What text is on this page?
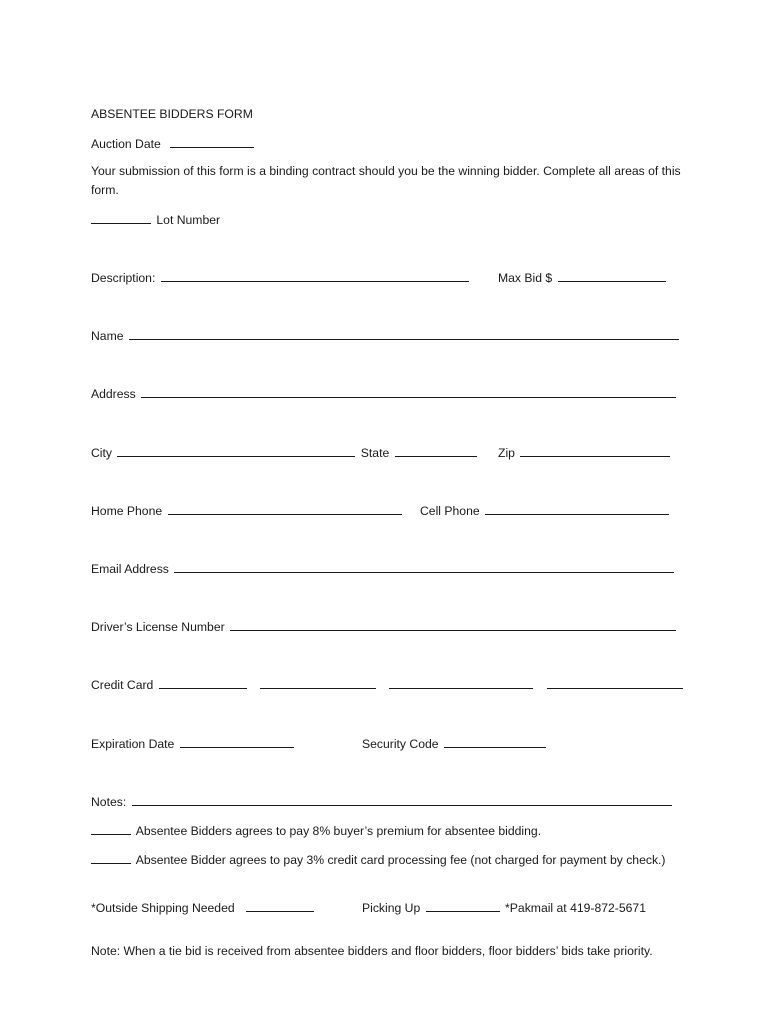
ABSENTEE BIDDERS FORM
Auction Date
Your submission of this form is a binding contract should you be the winning bidder. Complete all areas of this form.
Lot Number
Description:	Max Bid $
Name
Address
City	State	Zip
Home Phone	Cell Phone
Email Address
Driver’s License Number
Credit Card
Expiration Date	Security Code
Notes:
Absentee Bidders agrees to pay 8% buyer’s premium for absentee bidding.
Absentee Bidder agrees to pay 3% credit card processing fee (not charged for payment by check.)
*Outside Shipping Needed	Picking Up	*Pakmail at 419-872-5671
Note: When a tie bid is received from absentee bidders and floor bidders, floor bidders’ bids take priority.
